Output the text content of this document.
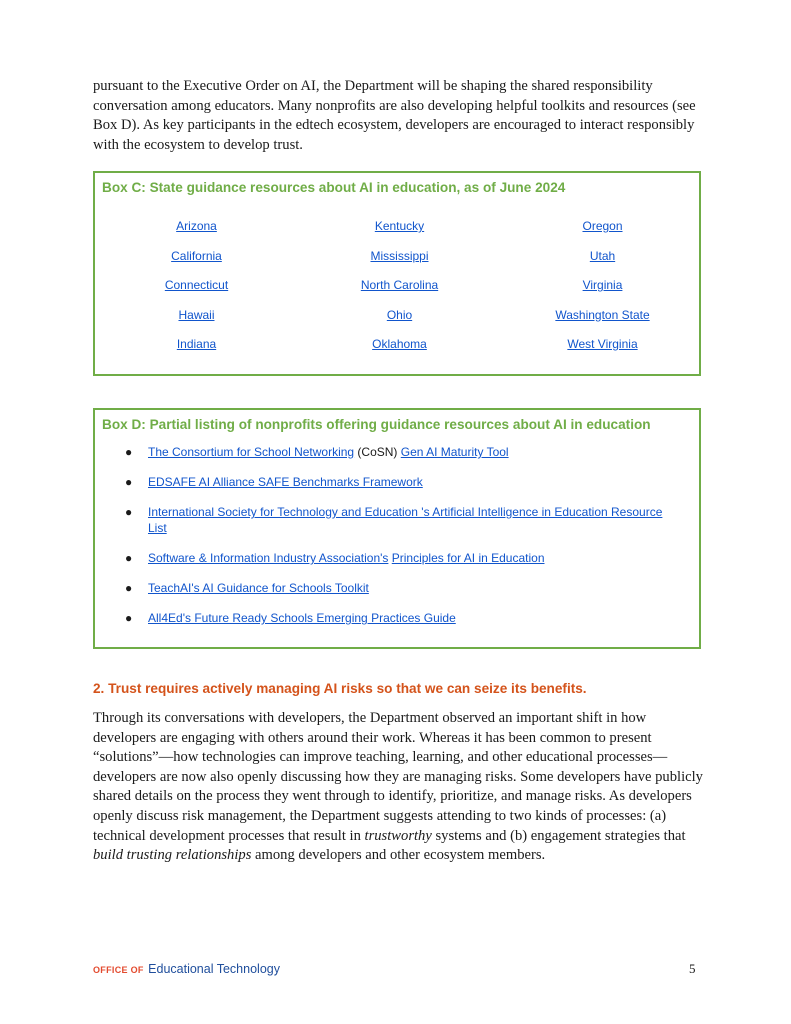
pursuant to the Executive Order on AI, the Department will be shaping the shared responsibility conversation among educators. Many nonprofits are also developing helpful toolkits and resources (see Box D). As key participants in the edtech ecosystem, developers are encouraged to interact responsibly with the ecosystem to develop trust.

Box C: State guidance resources about AI in education, as of June 2024

Arizona	Kentucky	Oregon
California	Mississippi	Utah
Connecticut	North Carolina	Virginia
Hawaii	Ohio	Washington State
Indiana	Oklahoma	West Virginia

Box D: Partial listing of nonprofits offering guidance resources about AI in education

● The Consortium for School Networking (CoSN) Gen AI Maturity Tool
● EDSAFE AI Alliance SAFE Benchmarks Framework
● International Society for Technology and Education 's Artificial Intelligence in Education Resource List
● Software & Information Industry Association's Principles for AI in Education
● TeachAI's AI Guidance for Schools Toolkit
● All4Ed's Future Ready Schools Emerging Practices Guide
2. Trust requires actively managing AI risks so that we can seize its benefits.

Through its conversations with developers, the Department observed an important shift in how developers are engaging with others around their work. Whereas it has been common to present “solutions”—how technologies can improve teaching, learning, and other educational processes—developers are now also openly discussing how they are managing risks. Some developers have publicly shared details on the process they went through to identify, prioritize, and manage risks. As developers openly discuss risk management, the Department suggests attending to two kinds of processes: (a) technical development processes that result in trustworthy systems and (b) engagement strategies that build trusting relationships among developers and other ecosystem members.

OFFICE OF Educational Technology	5
